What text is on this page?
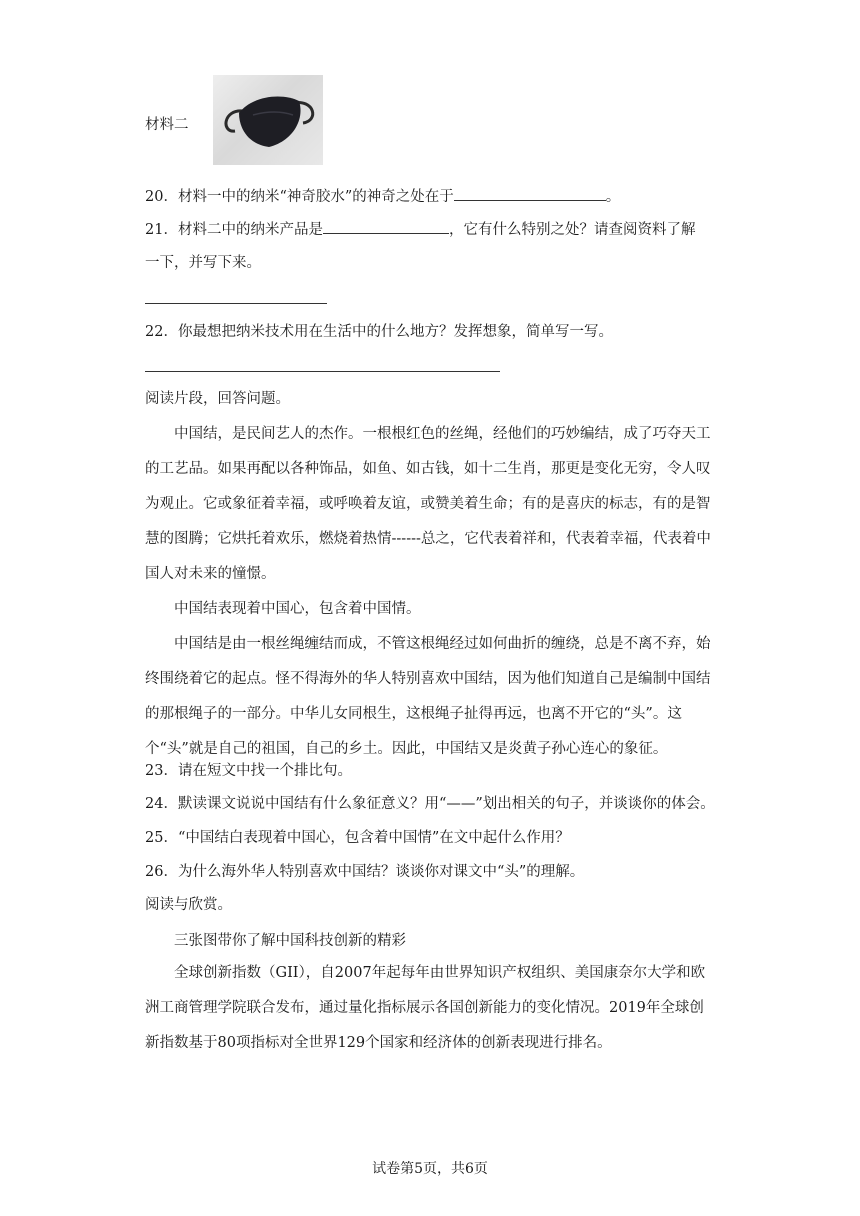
材料二
20．材料一中的纳米“神奇胶水”的神奇之处在于	。
21．材料二中的纳米产品是	，它有什么特别之处？请查阅资料了解
一下，并写下来。
22．你最想把纳米技术用在生活中的什么地方？发挥想象，简单写一写。
阅读片段，回答问题。
中国结，是民间艺人的杰作。一根根红色的丝绳，经他们的巧妙编结，成了巧夺天工的工艺品。如果再配以各种饰品，如鱼、如古钱，如十二生肖，那更是变化无穷，令人叹为观止。它或象征着幸福，或呼唤着友谊，或赞美着生命；有的是喜庆的标志，有的是智慧的图腾；它烘托着欢乐，燃烧着热情------总之，它代表着祥和，代表着幸福，代表着中国人对未来的憧憬。
中国结表现着中国心，包含着中国情。
中国结是由一根丝绳缠结而成，不管这根绳经过如何曲折的缠绕，总是不离不弃，始终围绕着它的起点。怪不得海外的华人特别喜欢中国结，因为他们知道自己是编制中国结的那根绳子的一部分。中华儿女同根生，这根绳子扯得再远，也离不开它的“头”。这个“头”就是自己的祖国，自己的乡土。因此，中国结又是炎黄子孙心连心的象征。
23．请在短文中找一个排比句。
24．默读课文说说中国结有什么象征意义？用“——”划出相关的句子，并谈谈你的体会。
25．“中国结白表现着中国心，包含着中国情”在文中起什么作用？
26．为什么海外华人特别喜欢中国结？谈谈你对课文中“头”的理解。
阅读与欣赏。
三张图带你了解中国科技创新的精彩
全球创新指数（GII），自2007年起每年由世界知识产权组织、美国康奈尔大学和欧洲工商管理学院联合发布，通过量化指标展示各国创新能力的变化情况。2019年全球创新指数基于80项指标对全世界129个国家和经济体的创新表现进行排名。
试卷第5页，共6页
